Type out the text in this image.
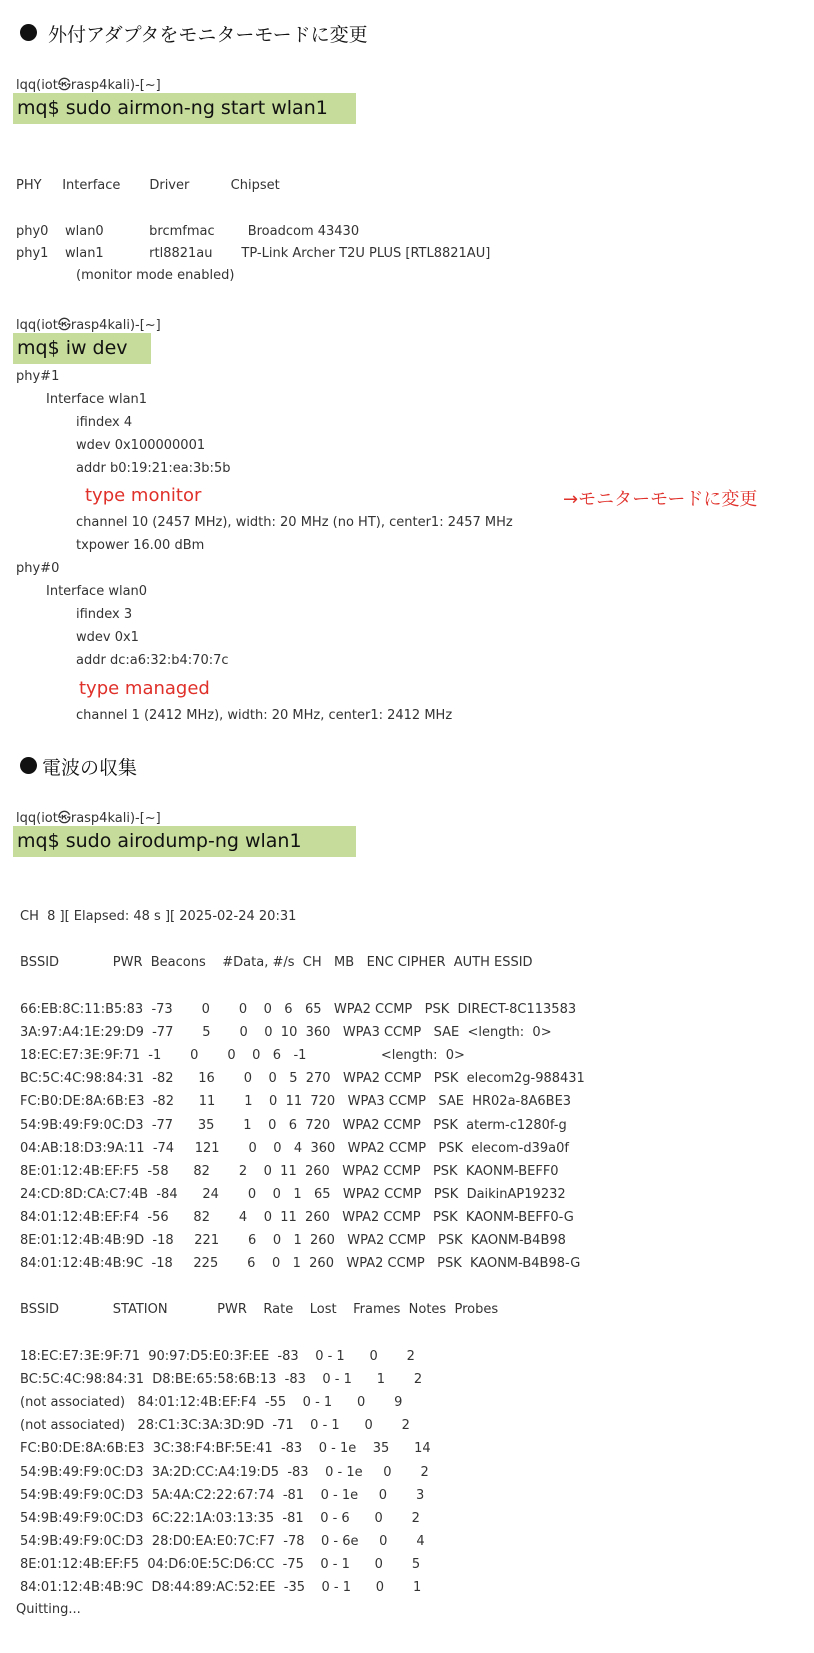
外付アダプタをモニターモードに変更
lqq(iot㉿rasp4kali)-[~]
mq$ sudo airmon-ng start wlan1
PHY     Interface       Driver          Chipset
phy0    wlan0           brcmfmac        Broadcom 43430
phy1    wlan1           rtl8821au       TP-Link Archer T2U PLUS [RTL8821AU]
(monitor mode enabled)
lqq(iot㉿rasp4kali)-[~]
mq$ iw dev
phy#1
Interface wlan1
ifindex 4
wdev 0x100000001
addr b0:19:21:ea:3b:5b
type monitor	→モニターモードに変更
channel 10 (2457 MHz), width: 20 MHz (no HT), center1: 2457 MHz
txpower 16.00 dBm
phy#0
Interface wlan0
ifindex 3
wdev 0x1
addr dc:a6:32:b4:70:7c
type managed
channel 1 (2412 MHz), width: 20 MHz, center1: 2412 MHz
電波の収集
lqq(iot㉿rasp4kali)-[~]
mq$ sudo airodump-ng wlan1
CH  8 ][ Elapsed: 48 s ][ 2025-02-24 20:31
BSSID             PWR  Beacons    #Data, #/s  CH   MB   ENC CIPHER  AUTH ESSID
66:EB:8C:11:B5:83  -73       0       0    0   6   65   WPA2 CCMP   PSK  DIRECT-8C113583
3A:97:A4:1E:29:D9  -77       5       0    0  10  360   WPA3 CCMP   SAE  <length:  0>
18:EC:E7:3E:9F:71  -1       0       0    0   6   -1                  <length:  0>
BC:5C:4C:98:84:31  -82      16       0    0   5  270   WPA2 CCMP   PSK  elecom2g-988431
FC:B0:DE:8A:6B:E3  -82      11       1    0  11  720   WPA3 CCMP   SAE  HR02a-8A6BE3
54:9B:49:F9:0C:D3  -77      35       1    0   6  720   WPA2 CCMP   PSK  aterm-c1280f-g
04:AB:18:D3:9A:11  -74     121       0    0   4  360   WPA2 CCMP   PSK  elecom-d39a0f
8E:01:12:4B:EF:F5  -58      82       2    0  11  260   WPA2 CCMP   PSK  KAONM-BEFF0
24:CD:8D:CA:C7:4B  -84      24       0    0   1   65   WPA2 CCMP   PSK  DaikinAP19232
84:01:12:4B:EF:F4  -56      82       4    0  11  260   WPA2 CCMP   PSK  KAONM-BEFF0-G
8E:01:12:4B:4B:9D  -18     221       6    0   1  260   WPA2 CCMP   PSK  KAONM-B4B98
84:01:12:4B:4B:9C  -18     225       6    0   1  260   WPA2 CCMP   PSK  KAONM-B4B98-G
BSSID             STATION            PWR    Rate    Lost    Frames  Notes  Probes
18:EC:E7:3E:9F:71  90:97:D5:E0:3F:EE  -83    0 - 1      0       2
BC:5C:4C:98:84:31  D8:BE:65:58:6B:13  -83    0 - 1      1       2
(not associated)   84:01:12:4B:EF:F4  -55    0 - 1      0       9
(not associated)   28:C1:3C:3A:3D:9D  -71    0 - 1      0       2
FC:B0:DE:8A:6B:E3  3C:38:F4:BF:5E:41  -83    0 - 1e    35      14
54:9B:49:F9:0C:D3  3A:2D:CC:A4:19:D5  -83    0 - 1e     0       2
54:9B:49:F9:0C:D3  5A:4A:C2:22:67:74  -81    0 - 1e     0       3
54:9B:49:F9:0C:D3  6C:22:1A:03:13:35  -81    0 - 6      0       2
54:9B:49:F9:0C:D3  28:D0:EA:E0:7C:F7  -78    0 - 6e     0       4
8E:01:12:4B:EF:F5  04:D6:0E:5C:D6:CC  -75    0 - 1      0       5
84:01:12:4B:4B:9C  D8:44:89:AC:52:EE  -35    0 - 1      0       1
Quitting...
